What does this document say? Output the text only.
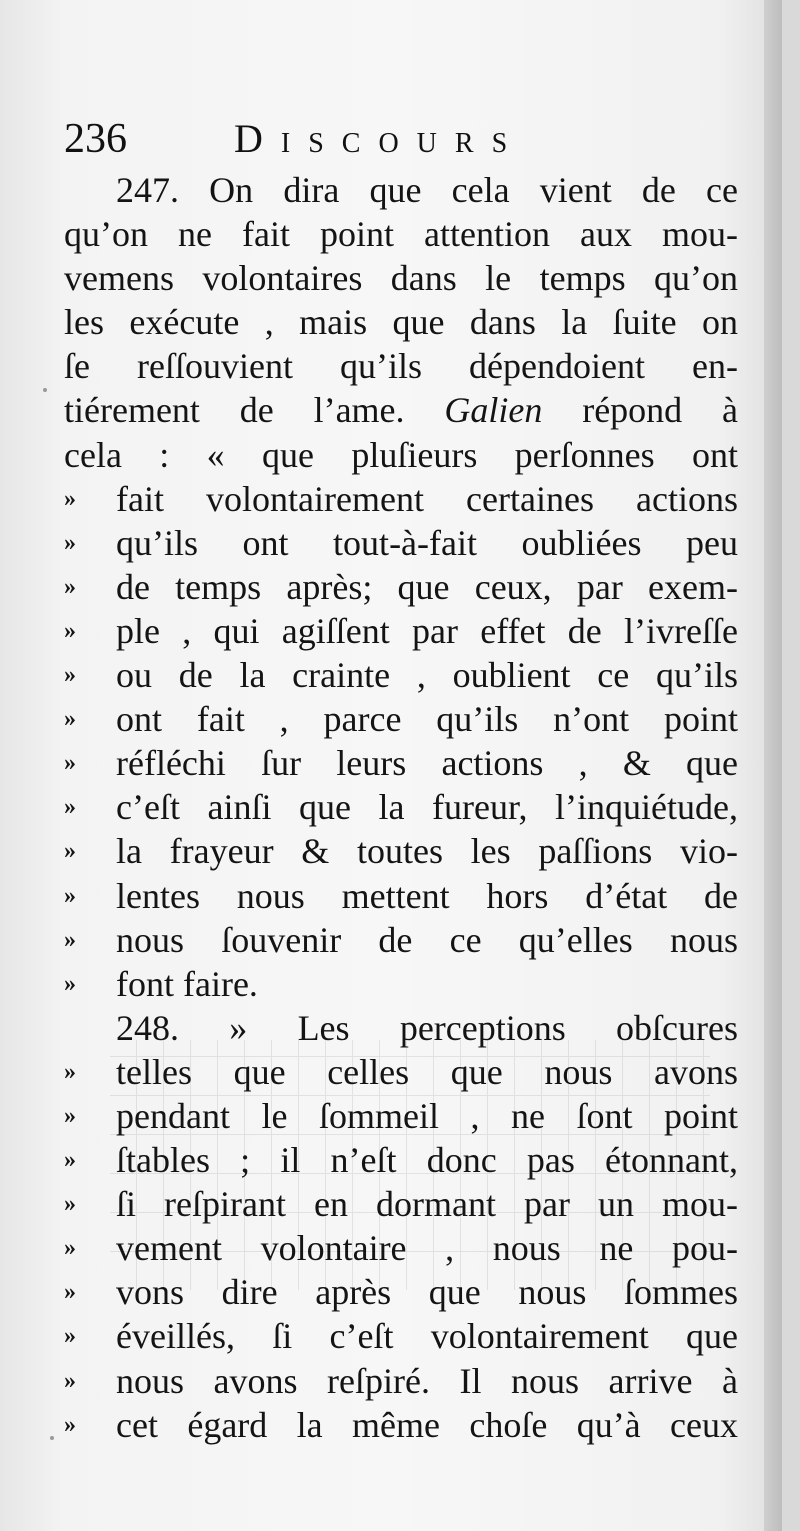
236	Discours
247. On dira que cela vient de ce
qu’on ne fait point attention aux mou-
vemens volontaires dans le temps qu’on
les exécute , mais que dans la ſuite on
ſe reſſouvient qu’ils dépendoient en-
tiérement de l’ame. Galien répond à
cela : « que pluſieurs perſonnes ont
»	fait volontairement certaines actions
»	qu’ils ont tout-à-fait oubliées peu
»	de temps après; que ceux, par exem-
»	ple , qui agiſſent par effet de l’ivreſſe
»	ou de la crainte , oublient ce qu’ils
»	ont fait , parce qu’ils n’ont point
»	réfléchi ſur leurs actions , & que
»	c’eſt ainſi que la fureur, l’inquiétude,
»	la frayeur & toutes les paſſions vio-
»	lentes nous mettent hors d’état de
»	nous ſouvenir de ce qu’elles nous
»	font faire.
248. » Les perceptions obſcures
»	telles que celles que nous avons
»	pendant le ſommeil , ne ſont point
»	ſtables ; il n’eſt donc pas étonnant,
»	ſi reſpirant en dormant par un mou-
»	vement volontaire , nous ne pou-
»	vons dire après que nous ſommes
»	éveillés, ſi c’eſt volontairement que
»	nous avons reſpiré. Il nous arrive à
»	cet égard la même choſe qu’à ceux
